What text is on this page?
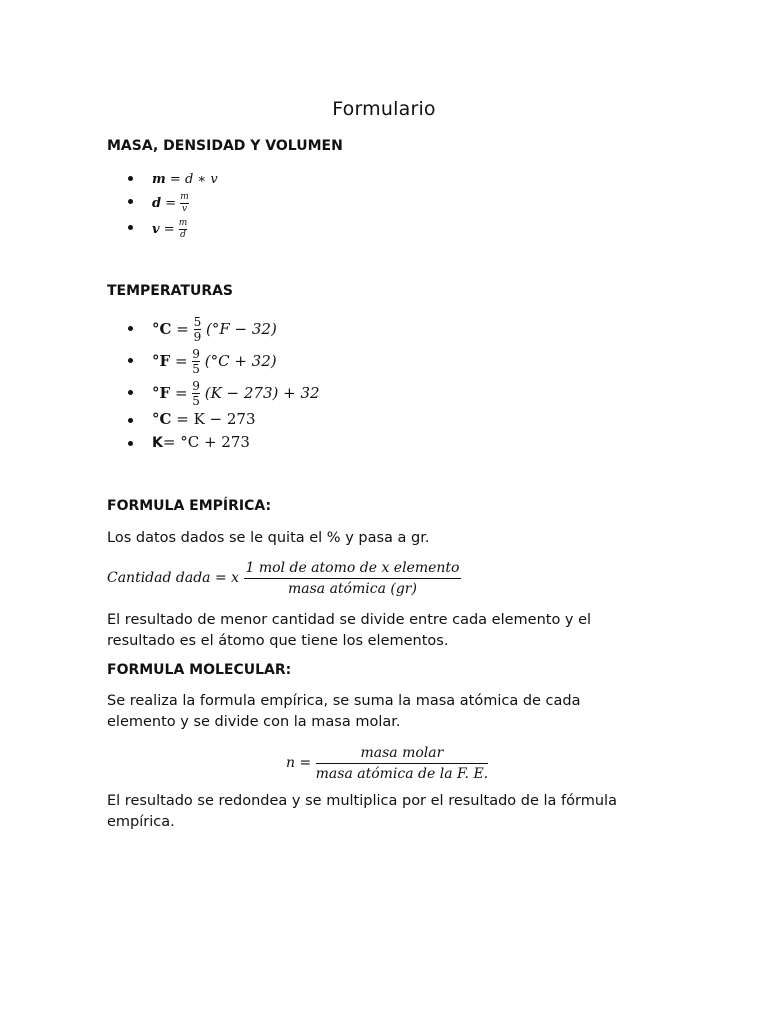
Formulario
MASA, DENSIDAD Y VOLUMEN
m = d ∗ v
d
=
$\frac{m}{v}$
v
=
$\frac{m}{d}$
TEMPERATURAS
°C
=
$\frac{5}{9}$
(°F − 32)
°F
=
$\frac{9}{5}$
(°C + 32)
°F
=
$\frac{9}{5}$
(K − 273) + 32
°C = K − 273
K= °C + 273
FORMULA EMPÍRICA:
Los datos dados se le quita el % y pasa a gr.
Cantidad dada = x
$\frac{\text{1 mol de atomo de x elemento}}{\text{masa atómica (gr)}}$
El resultado de menor cantidad se divide entre cada elemento y el
resultado es el átomo que tiene los elementos.
FORMULA MOLECULAR:
Se realiza la formula empírica, se suma la masa atómica de cada
elemento y se divide con la masa molar.
n =
$\frac{\text{masa molar}}{\text{masa atómica de la F. E.}}$
El resultado se redondea y se multiplica por el resultado de la fórmula
empírica.
